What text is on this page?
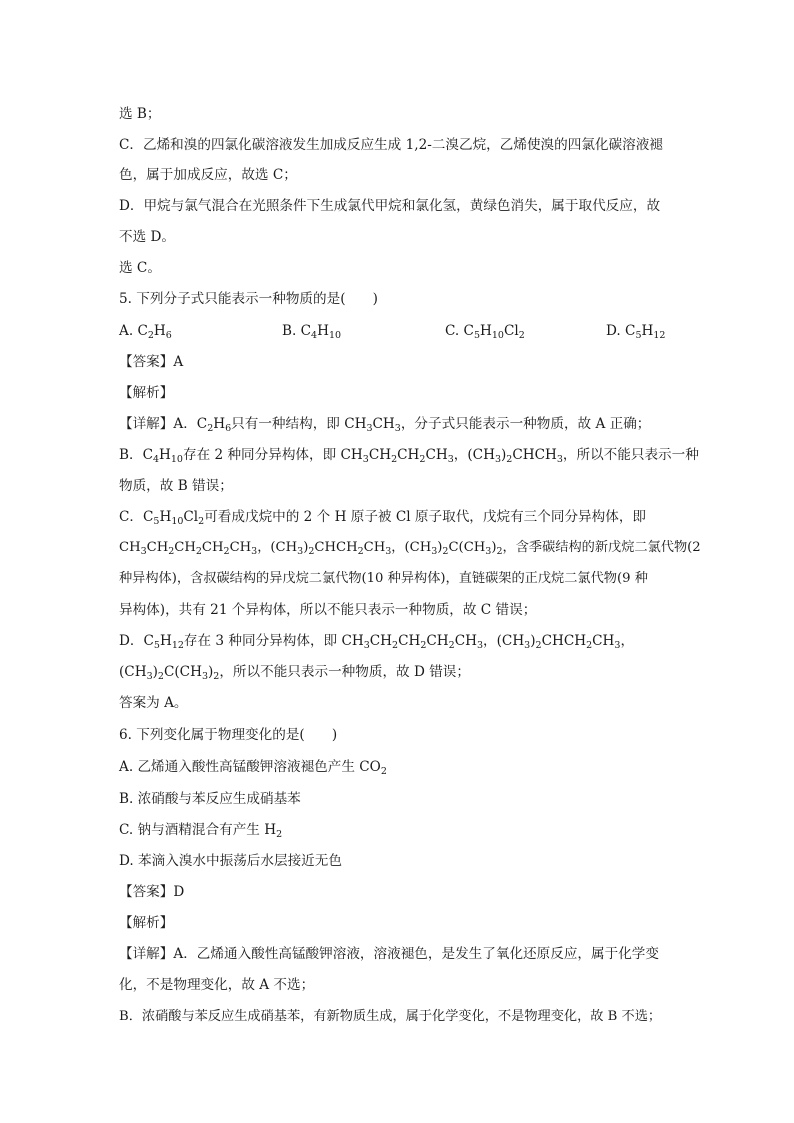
选 B；
C．乙烯和溴的四氯化碳溶液发生加成反应生成 1,2-二溴乙烷，乙烯使溴的四氯化碳溶液褪
色，属于加成反应，故选 C；
D．甲烷与氯气混合在光照条件下生成氯代甲烷和氯化氢，黄绿色消失，属于取代反应，故
不选 D。
选 C。
5. 下列分子式只能表示一种物质的是(　　)
A. $C_2H_6$	B. $C_4H_{10}$	C. $C_5H_{10}Cl_2$	D. $C_5H_{12}$
【答案】A
【解析】
【详解】A．$C_2H_6$只有一种结构，即 $CH_3CH_3$，分子式只能表示一种物质，故 A 正确；
B．$C_4H_{10}$存在 2 种同分异构体，即 $CH_3CH_2CH_2CH_3$，$(CH_3)_2CHCH_3$，所以不能只表示一种
物质，故 B 错误；
C．$C_5H_{10}Cl_2$可看成戊烷中的 2 个 H 原子被 Cl 原子取代，戊烷有三个同分异构体，即
$CH_3CH_2CH_2CH_2CH_3$，$(CH_3)_2CHCH_2CH_3$，$(CH_3)_2C(CH_3)_2$，含季碳结构的新戊烷二氯代物(2
种异构体)，含叔碳结构的异戊烷二氯代物(10 种异构体)，直链碳架的正戊烷二氯代物(9 种
异构体)，共有 21 个异构体，所以不能只表示一种物质，故 C 错误；
D．$C_5H_{12}$存在 3 种同分异构体，即 $CH_3CH_2CH_2CH_2CH_3$，$(CH_3)_2CHCH_2CH_3$，
$(CH_3)_2C(CH_3)_2$，所以不能只表示一种物质，故 D 错误；
答案为 A。
6. 下列变化属于物理变化的是(　　)
A. 乙烯通入酸性高锰酸钾溶液褪色产生 $CO_2$
B. 浓硝酸与苯反应生成硝基苯
C. 钠与酒精混合有产生 $H_2$
D. 苯滴入溴水中振荡后水层接近无色
【答案】D
【解析】
【详解】A．乙烯通入酸性高锰酸钾溶液，溶液褪色，是发生了氧化还原反应，属于化学变
化，不是物理变化，故 A 不选；
B．浓硝酸与苯反应生成硝基苯，有新物质生成，属于化学变化，不是物理变化，故 B 不选；
